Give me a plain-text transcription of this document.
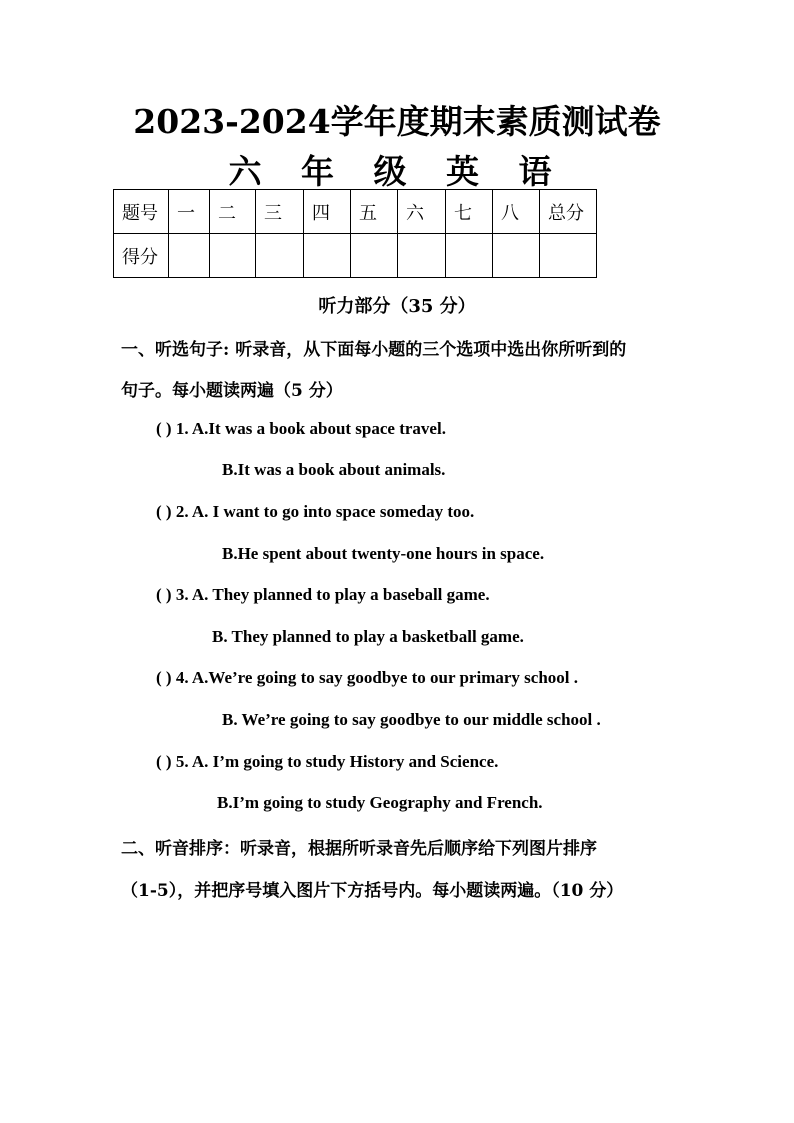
2023-2024学年度期末素质测试卷
六 年 级 英 语
题号	一	二	三	四	五	六	七	八	总分
得分									
听力部分（35 分）
一、听选句子: 听录音，从下面每小题的三个选项中选出你所听到的
句子。每小题读两遍（5 分）
( ) 1. A.It was a book about space travel.
B.It was a book about animals.
( ) 2. A. I want to go into space someday too.
B.He spent about twenty-one hours in space.
( ) 3. A. They planned to play a baseball game.
B. They planned to play a basketball game.
( ) 4. A.We’re going to say goodbye to our primary school .
B. We’re going to say goodbye to our middle school .
( ) 5. A. I’m going to study History and Science.
B.I’m going to study Geography and French.
二、听音排序：听录音，根据所听录音先后顺序给下列图片排序
（1-5），并把序号填入图片下方括号内。每小题读两遍。（10 分）
